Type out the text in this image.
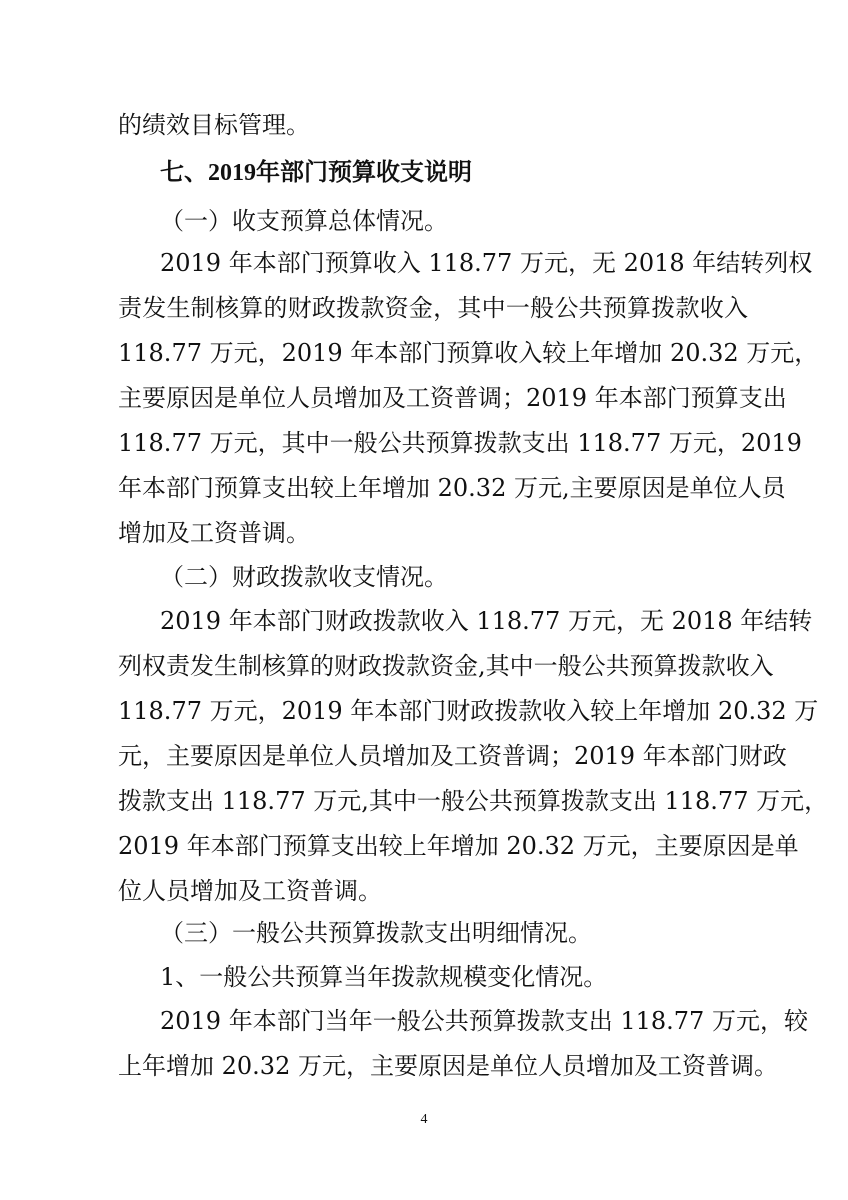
的绩效目标管理。
七、2019年部门预算收支说明
（一）收支预算总体情况。
2019 年本部门预算收入 118.77 万元，无 2018 年结转列权
责发生制核算的财政拨款资金，其中一般公共预算拨款收入
118.77 万元，2019 年本部门预算收入较上年增加 20.32 万元，
主要原因是单位人员增加及工资普调；2019 年本部门预算支出
118.77 万元，其中一般公共预算拨款支出 118.77 万元，2019
年本部门预算支出较上年增加 20.32 万元,主要原因是单位人员
增加及工资普调。
（二）财政拨款收支情况。
2019 年本部门财政拨款收入 118.77 万元，无 2018 年结转
列权责发生制核算的财政拨款资金,其中一般公共预算拨款收入
118.77 万元，2019 年本部门财政拨款收入较上年增加 20.32 万
元，主要原因是单位人员增加及工资普调；2019 年本部门财政
拨款支出 118.77 万元,其中一般公共预算拨款支出 118.77 万元，
2019 年本部门预算支出较上年增加 20.32 万元，主要原因是单
位人员增加及工资普调。
（三）一般公共预算拨款支出明细情况。
1、一般公共预算当年拨款规模变化情况。
2019 年本部门当年一般公共预算拨款支出 118.77 万元，较
上年增加 20.32 万元，主要原因是单位人员增加及工资普调。
4
